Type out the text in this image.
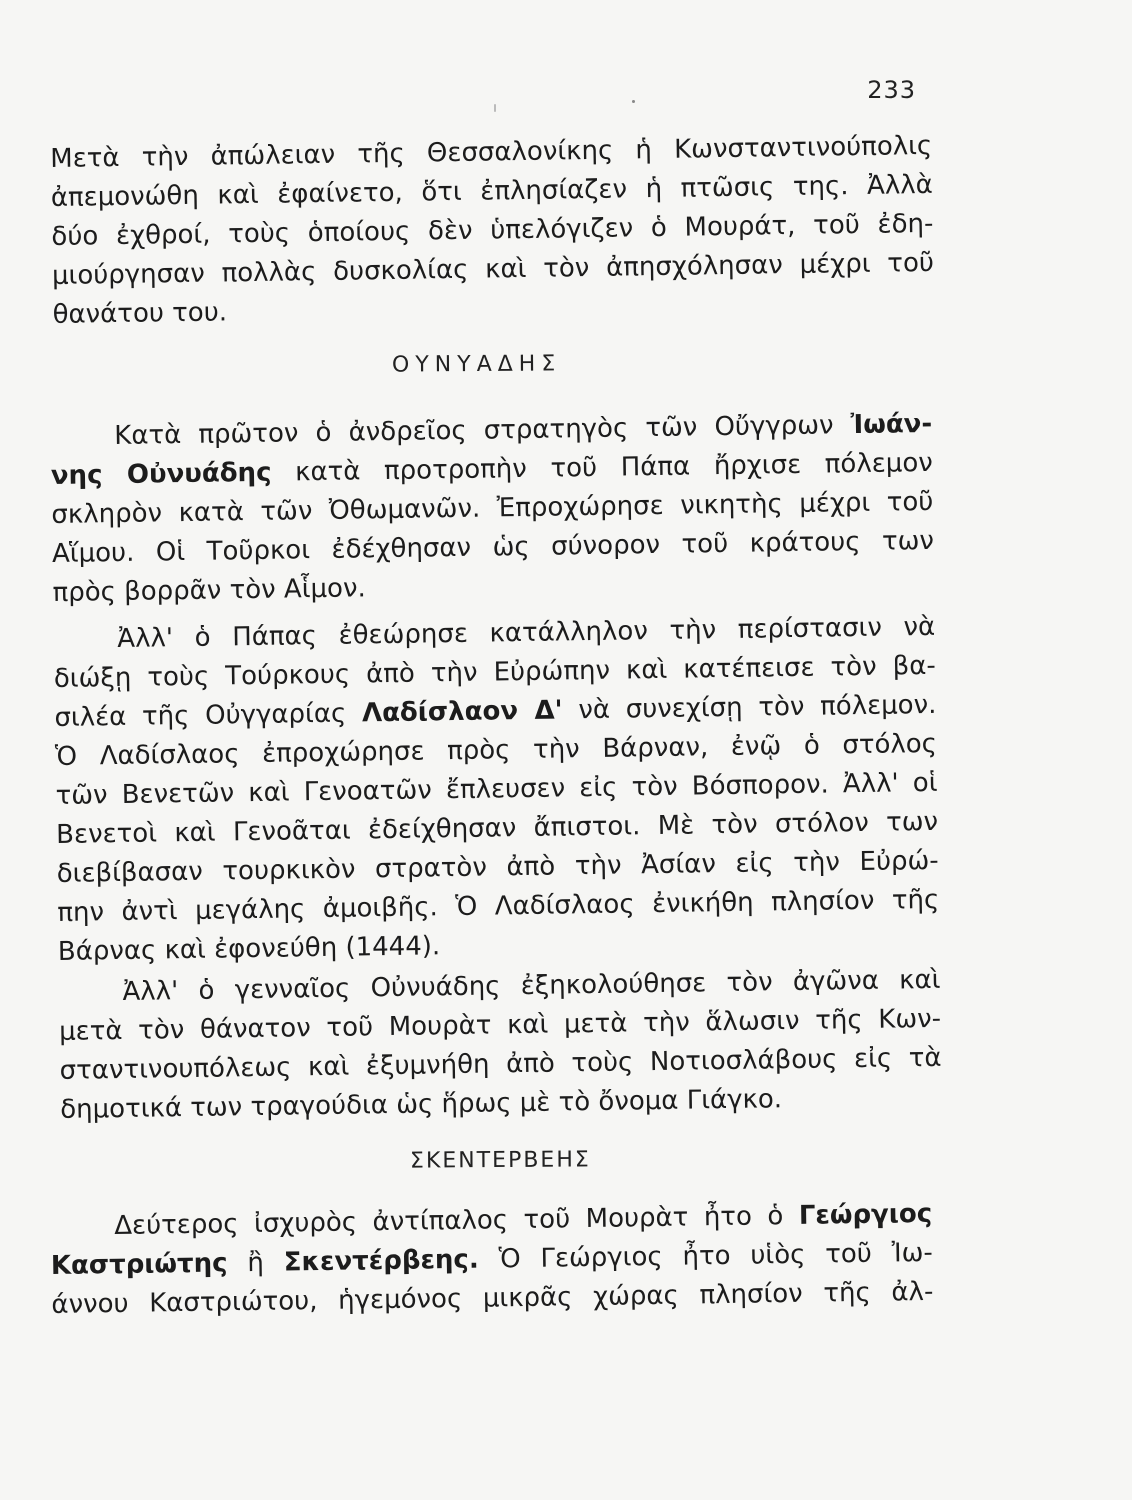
233

Μετὰ τὴν ἀπώλειαν τῆς Θεσσαλονίκης ἡ Κωνσταντινούπολις
ἀπεμονώθη καὶ ἐφαίνετο, ὅτι ἐπλησίαζεν ἡ πτῶσις της. Ἀλλὰ
δύο ἐχθροί, τοὺς ὁποίους δὲν ὑπελόγιζεν ὁ Μουράτ, τοῦ ἐδη-
μιούργησαν πολλὰς δυσκολίας καὶ τὸν ἀπησχόλησαν μέχρι τοῦ
θανάτου του.

ΟΥΝΥΑΔΗΣ

Κατὰ πρῶτον ὁ ἀνδρεῖος στρατηγὸς τῶν Οὔγγρων Ἰωάν-
νης Οὐνυάδης κατὰ προτροπὴν τοῦ Πάπα ἤρχισε πόλεμον
σκληρὸν κατὰ τῶν Ὀθωμανῶν. Ἐπροχώρησε νικητὴς μέχρι τοῦ
Αἵμου. Οἱ Τοῦρκοι ἐδέχθησαν ὡς σύνορον τοῦ κράτους των
πρὸς βορρᾶν τὸν Αἷμον.

Ἀλλ' ὁ Πάπας ἐθεώρησε κατάλληλον τὴν περίστασιν νὰ
διώξῃ τοὺς Τούρκους ἀπὸ τὴν Εὐρώπην καὶ κατέπεισε τὸν βα-
σιλέα τῆς Οὐγγαρίας Λαδίσλαον Δ' νὰ συνεχίσῃ τὸν πόλεμον.
Ὁ Λαδίσλαος ἐπροχώρησε πρὸς τὴν Βάρναν, ἐνῷ ὁ στόλος
τῶν Βενετῶν καὶ Γενοατῶν ἔπλευσεν εἰς τὸν Βόσπορον. Ἀλλ' οἱ
Βενετοὶ καὶ Γενοᾶται ἐδείχθησαν ἄπιστοι. Μὲ τὸν στόλον των
διεβίβασαν τουρκικὸν στρατὸν ἀπὸ τὴν Ἀσίαν εἰς τὴν Εὐρώ-
πην ἀντὶ μεγάλης ἀμοιβῆς. Ὁ Λαδίσλαος ἐνικήθη πλησίον τῆς
Βάρνας καὶ ἐφονεύθη (1444).

Ἀλλ' ὁ γενναῖος Οὐνυάδης ἐξηκολούθησε τὸν ἀγῶνα καὶ
μετὰ τὸν θάνατον τοῦ Μουρὰτ καὶ μετὰ τὴν ἅλωσιν τῆς Κων-
σταντινουπόλεως καὶ ἐξυμνήθη ἀπὸ τοὺς Νοτιοσλάβους εἰς τὰ
δημοτικά των τραγούδια ὡς ἥρως μὲ τὸ ὄνομα Γιάγκο.

ΣΚΕΝΤΕΡΒΕΗΣ

Δεύτερος ἰσχυρὸς ἀντίπαλος τοῦ Μουρὰτ ἦτο ὁ Γεώργιος
Καστριώτης ἢ Σκεντέρβεης. Ὁ Γεώργιος ἦτο υἱὸς τοῦ Ἰω-
άννου Καστριώτου, ἡγεμόνος μικρᾶς χώρας πλησίον τῆς ἀλ-
